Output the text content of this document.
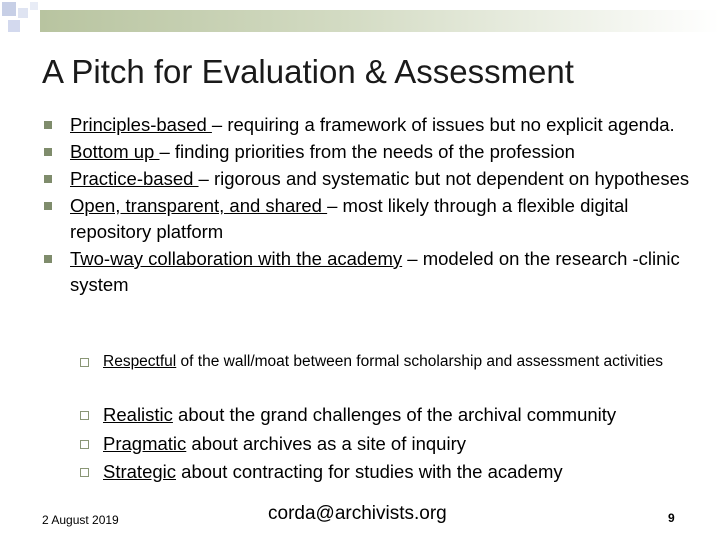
A Pitch for Evaluation & Assessment
Principles-based – requiring a framework of issues but no explicit agenda.
Bottom up – finding priorities from the needs of the profession
Practice-based – rigorous and systematic but not dependent on hypotheses
Open, transparent, and shared – most likely through a flexible digital repository platform
Two-way collaboration with the academy – modeled on the research -clinic system
Respectful of the wall/moat between formal scholarship and assessment activities
Realistic about the grand challenges of the archival community
Pragmatic about archives as a site of inquiry
Strategic about contracting for studies with the academy
2 August 2019	corda@archivists.org	9
